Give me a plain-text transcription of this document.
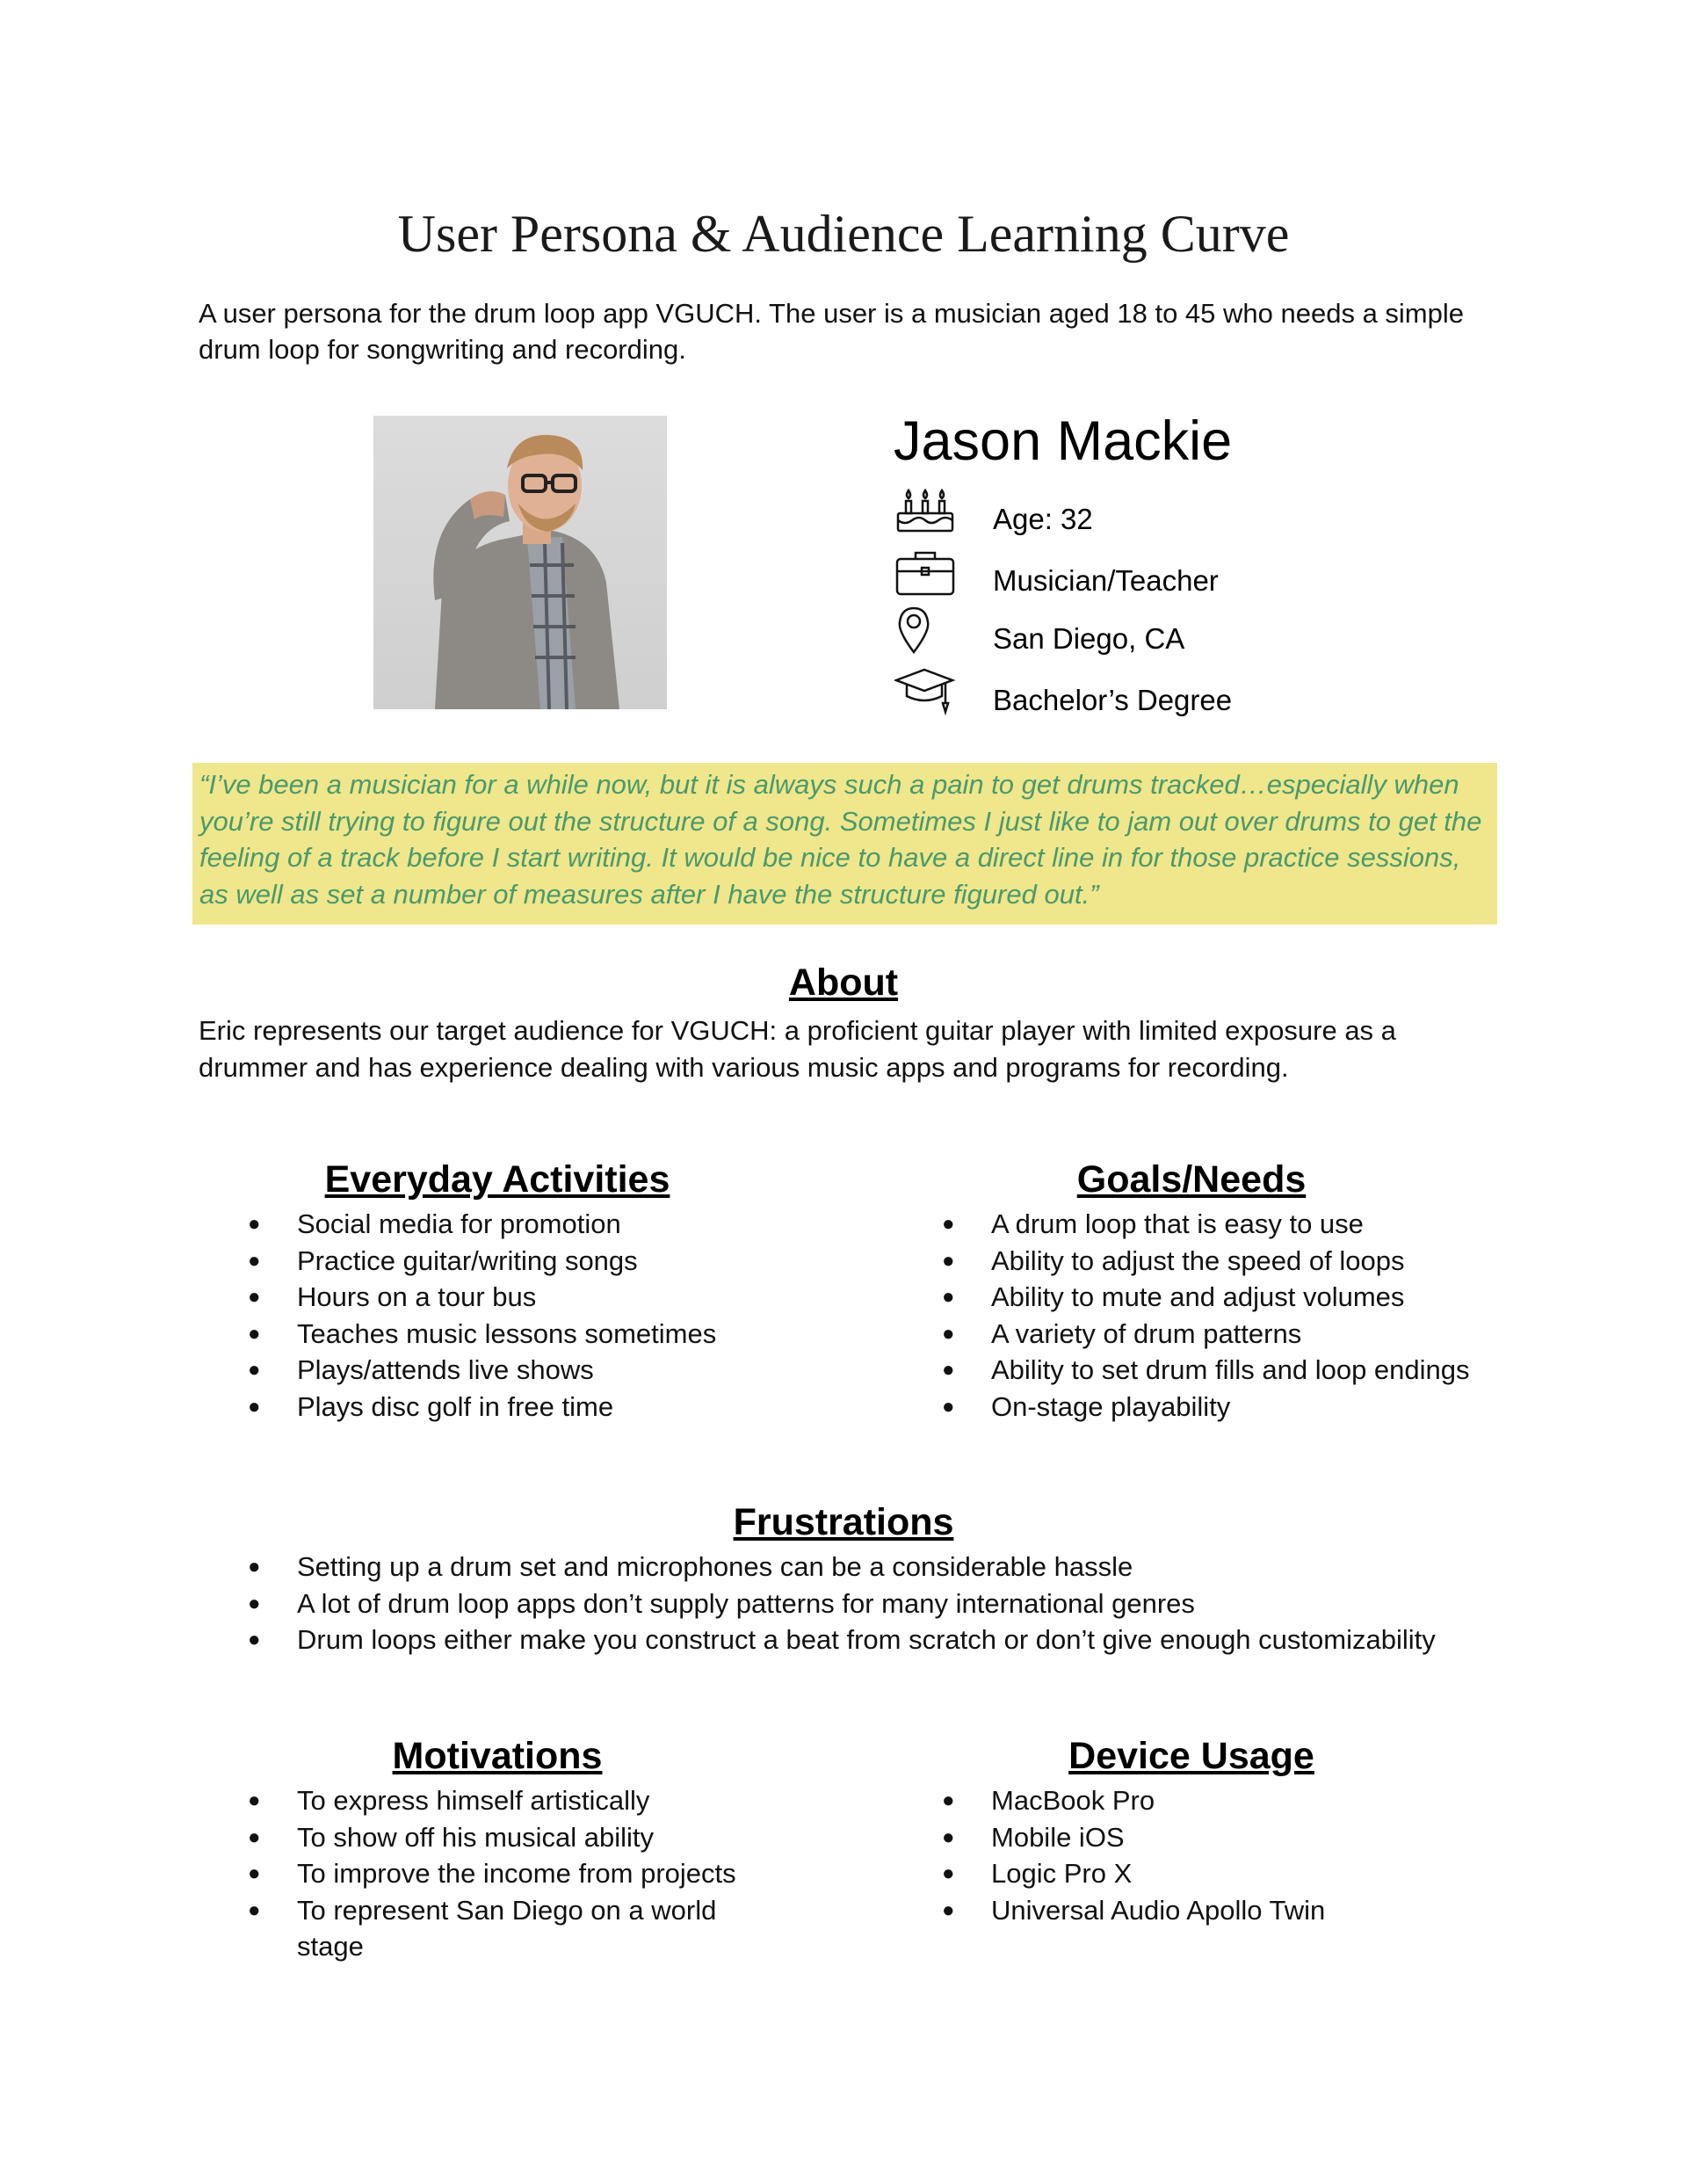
User Persona & Audience Learning Curve

A user persona for the drum loop app VGUCH. The user is a musician aged 18 to 45 who needs a simple drum loop for songwriting and recording.

Jason Mackie
Age: 32
Musician/Teacher
San Diego, CA
Bachelor’s Degree

“I’ve been a musician for a while now, but it is always such a pain to get drums tracked…especially when you’re still trying to figure out the structure of a song. Sometimes I just like to jam out over drums to get the feeling of a track before I start writing. It would be nice to have a direct line in for those practice sessions, as well as set a number of measures after I have the structure figured out.”

About

Eric represents our target audience for VGUCH: a proficient guitar player with limited exposure as a drummer and has experience dealing with various music apps and programs for recording.

Everyday Activities
● Social media for promotion
● Practice guitar/writing songs
● Hours on a tour bus
● Teaches music lessons sometimes
● Plays/attends live shows
● Plays disc golf in free time
Goals/Needs
● A drum loop that is easy to use
● Ability to adjust the speed of loops
● Ability to mute and adjust volumes
● A variety of drum patterns
● Ability to set drum fills and loop endings
● On-stage playability
Frustrations
● Setting up a drum set and microphones can be a considerable hassle
● A lot of drum loop apps don’t supply patterns for many international genres
● Drum loops either make you construct a beat from scratch or don’t give enough customizability
Motivations
● To express himself artistically
● To show off his musical ability
● To improve the income from projects
● To represent San Diego on a world stage
Device Usage
● MacBook Pro
● Mobile iOS
● Logic Pro X
● Universal Audio Apollo Twin
